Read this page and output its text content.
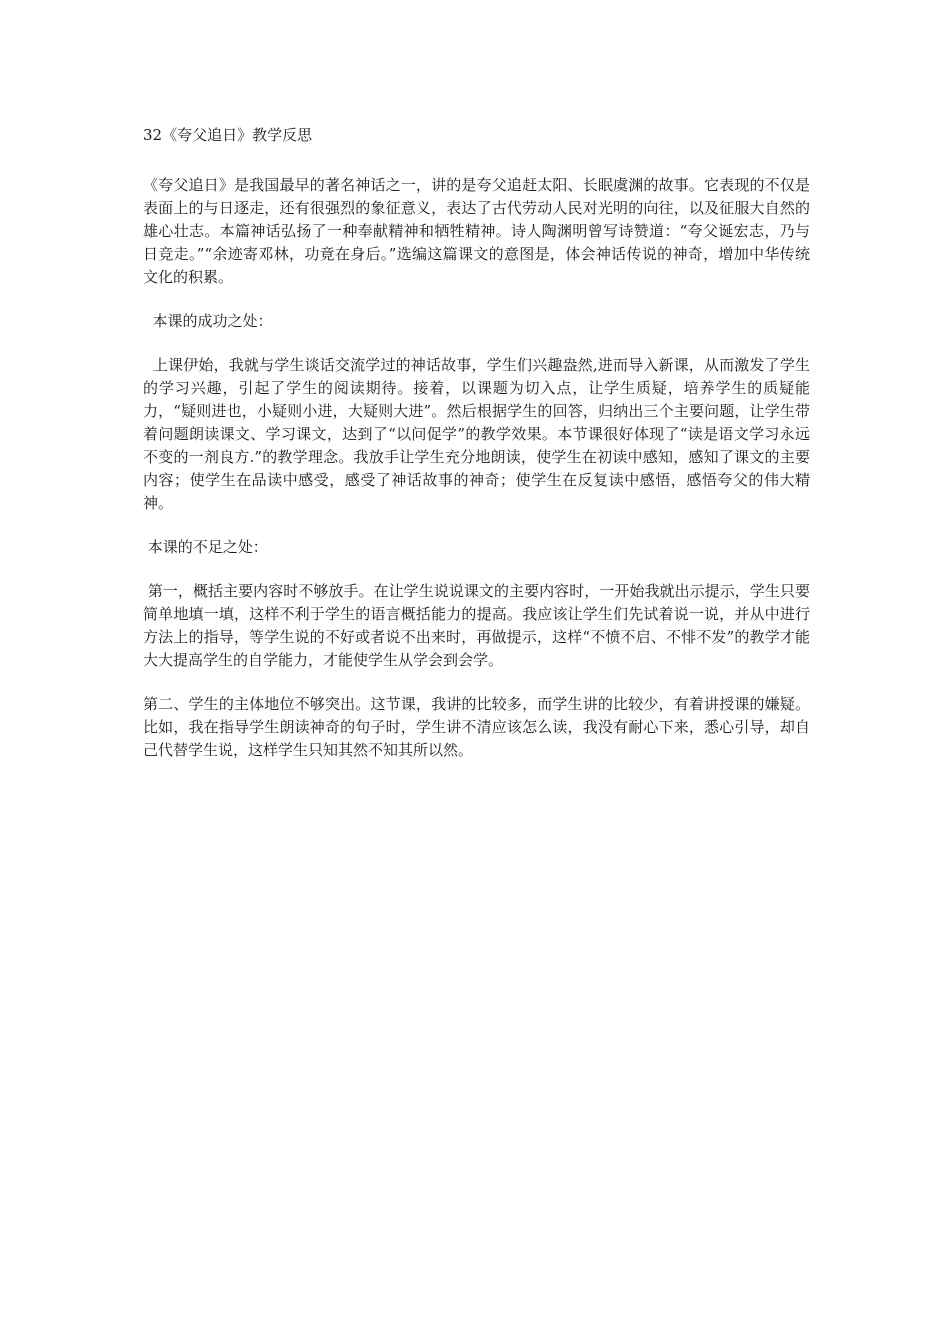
32《夸父追日》教学反思

《夸父追日》是我国最早的著名神话之一，讲的是夸父追赶太阳、长眠虞渊的故事。它表现的不仅是表面上的与日逐走，还有很强烈的象征意义，表达了古代劳动人民对光明的向往，以及征服大自然的雄心壮志。本篇神话弘扬了一种奉献精神和牺牲精神。诗人陶渊明曾写诗赞道：“夸父诞宏志，乃与日竞走。”“余迹寄邓林，功竟在身后。”选编这篇课文的意图是，体会神话传说的神奇，增加中华传统文化的积累。

本课的成功之处：

上课伊始，我就与学生谈话交流学过的神话故事，学生们兴趣盎然,进而导入新课，从而激发了学生的学习兴趣，引起了学生的阅读期待。接着，以课题为切入点，让学生质疑，培养学生的质疑能力，“疑则进也，小疑则小进，大疑则大进”。然后根据学生的回答，归纳出三个主要问题，让学生带着问题朗读课文、学习课文，达到了“以问促学”的教学效果。本节课很好体现了“读是语文学习永远不变的一剂良方.”的教学理念。我放手让学生充分地朗读，使学生在初读中感知，感知了课文的主要内容；使学生在品读中感受，感受了神话故事的神奇；使学生在反复读中感悟，感悟夸父的伟大精神。

本课的不足之处：

第一，概括主要内容时不够放手。在让学生说说课文的主要内容时，一开始我就出示提示，学生只要简单地填一填，这样不利于学生的语言概括能力的提高。我应该让学生们先试着说一说，并从中进行方法上的指导，等学生说的不好或者说不出来时，再做提示，这样“不愤不启、不悱不发”的教学才能大大提高学生的自学能力，才能使学生从学会到会学。

第二、学生的主体地位不够突出。这节课，我讲的比较多，而学生讲的比较少，有着讲授课的嫌疑。比如，我在指导学生朗读神奇的句子时，学生讲不清应该怎么读，我没有耐心下来，悉心引导，却自己代替学生说，这样学生只知其然不知其所以然。
